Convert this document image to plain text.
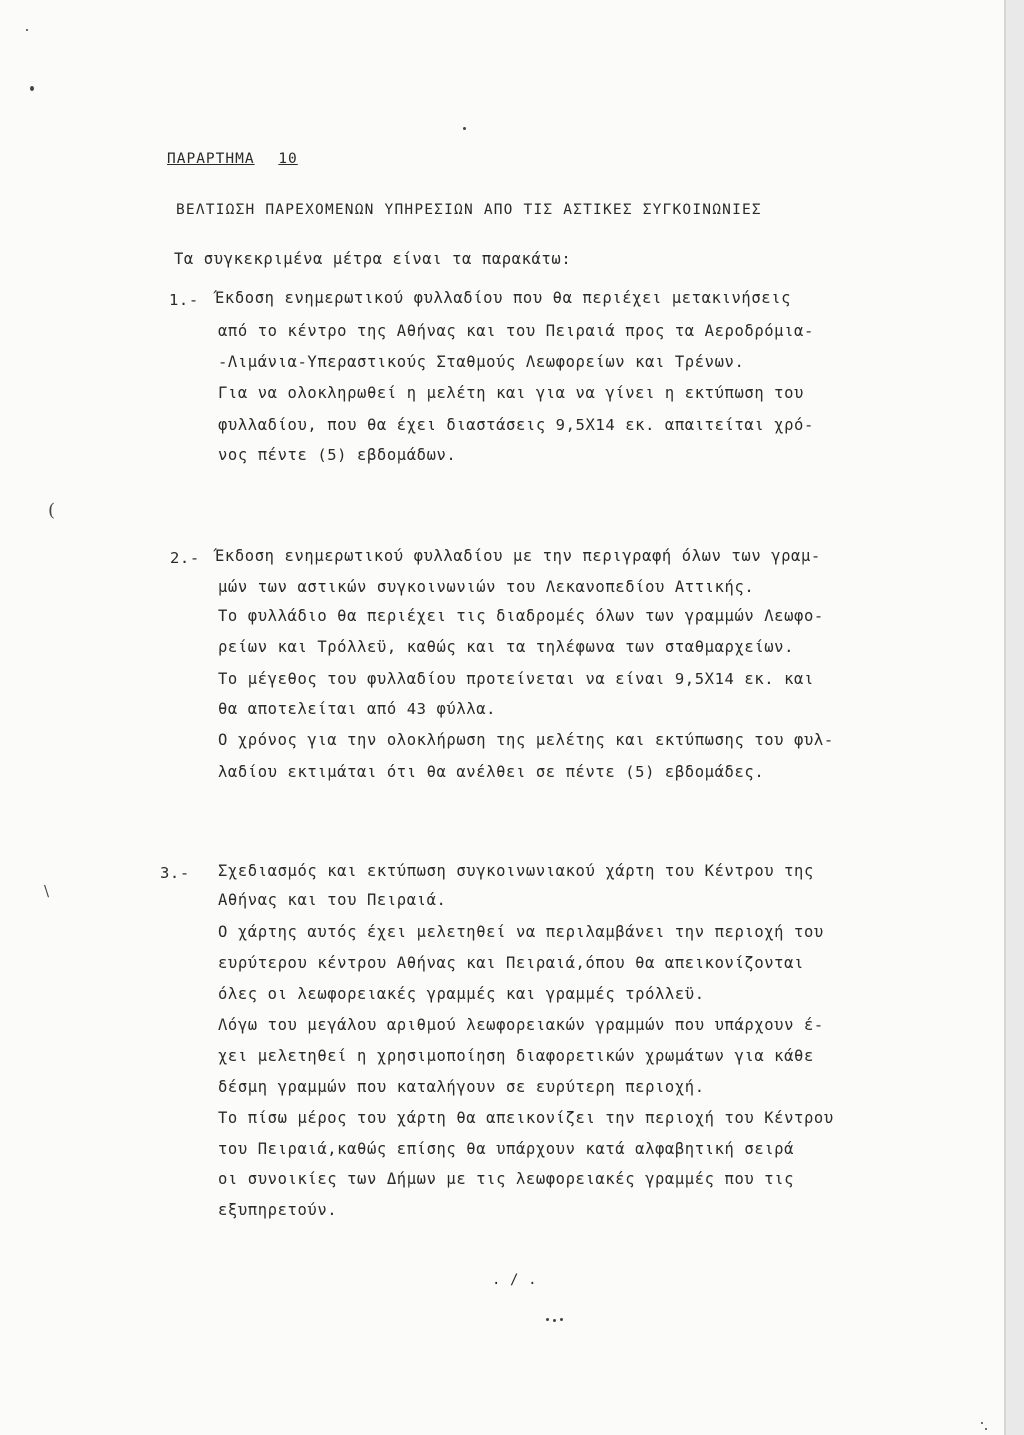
ΠΑΡΑΡΤΗΜΑ 10
ΒΕΛΤΙΩΣΗ ΠΑΡΕΧΟΜΕΝΩΝ ΥΠΗΡΕΣΙΩΝ ΑΠΟ ΤΙΣ ΑΣΤΙΚΕΣ ΣΥΓΚΟΙΝΩΝΙΕΣ
Τα συγκεκριμένα μέτρα είναι τα παρακάτω:
1.- Έκδοση ενημερωτικού φυλλαδίου που θα περιέχει μετακινήσεις
από το κέντρο της Αθήνας και του Πειραιά προς τα Αεροδρόμια-
-Λιμάνια-Υπεραστικούς Σταθμούς Λεωφορείων και Τρένων.
Για να ολοκληρωθεί η μελέτη και για να γίνει η εκτύπωση του
φυλλαδίου, που θα έχει διαστάσεις 9,5Χ14 εκ. απαιτείται χρό-
νος πέντε (5) εβδομάδων.
2.- Έκδοση ενημερωτικού φυλλαδίου με την περιγραφή όλων των γραμ-
μών των αστικών συγκοινωνιών του Λεκανοπεδίου Αττικής.
Το φυλλάδιο θα περιέχει τις διαδρομές όλων των γραμμών Λεωφο-
ρείων και Τρόλλεϋ, καθώς και τα τηλέφωνα των σταθμαρχείων.
Το μέγεθος του φυλλαδίου προτείνεται να είναι 9,5Χ14 εκ. και
θα αποτελείται από 43 φύλλα.
Ο χρόνος για την ολοκλήρωση της μελέτης και εκτύπωσης του φυλ-
λαδίου εκτιμάται ότι θα ανέλθει σε πέντε (5) εβδομάδες.
3.- Σχεδιασμός και εκτύπωση συγκοινωνιακού χάρτη του Κέντρου της
Αθήνας και του Πειραιά.
Ο χάρτης αυτός έχει μελετηθεί να περιλαμβάνει την περιοχή του
ευρύτερου κέντρου Αθήνας και Πειραιά,όπου θα απεικονίζονται
όλες οι λεωφορειακές γραμμές και γραμμές τρόλλεϋ.
Λόγω του μεγάλου αριθμού λεωφορειακών γραμμών που υπάρχουν έ-
χει μελετηθεί η χρησιμοποίηση διαφορετικών χρωμάτων για κάθε
δέσμη γραμμών που καταλήγουν σε ευρύτερη περιοχή.
Το πίσω μέρος του χάρτη θα απεικονίζει την περιοχή του Κέντρου
του Πειραιά,καθώς επίσης θα υπάρχουν κατά αλφαβητική σειρά
οι συνοικίες των Δήμων με τις λεωφορειακές γραμμές που τις
εξυπηρετούν.
. / .
(
\
